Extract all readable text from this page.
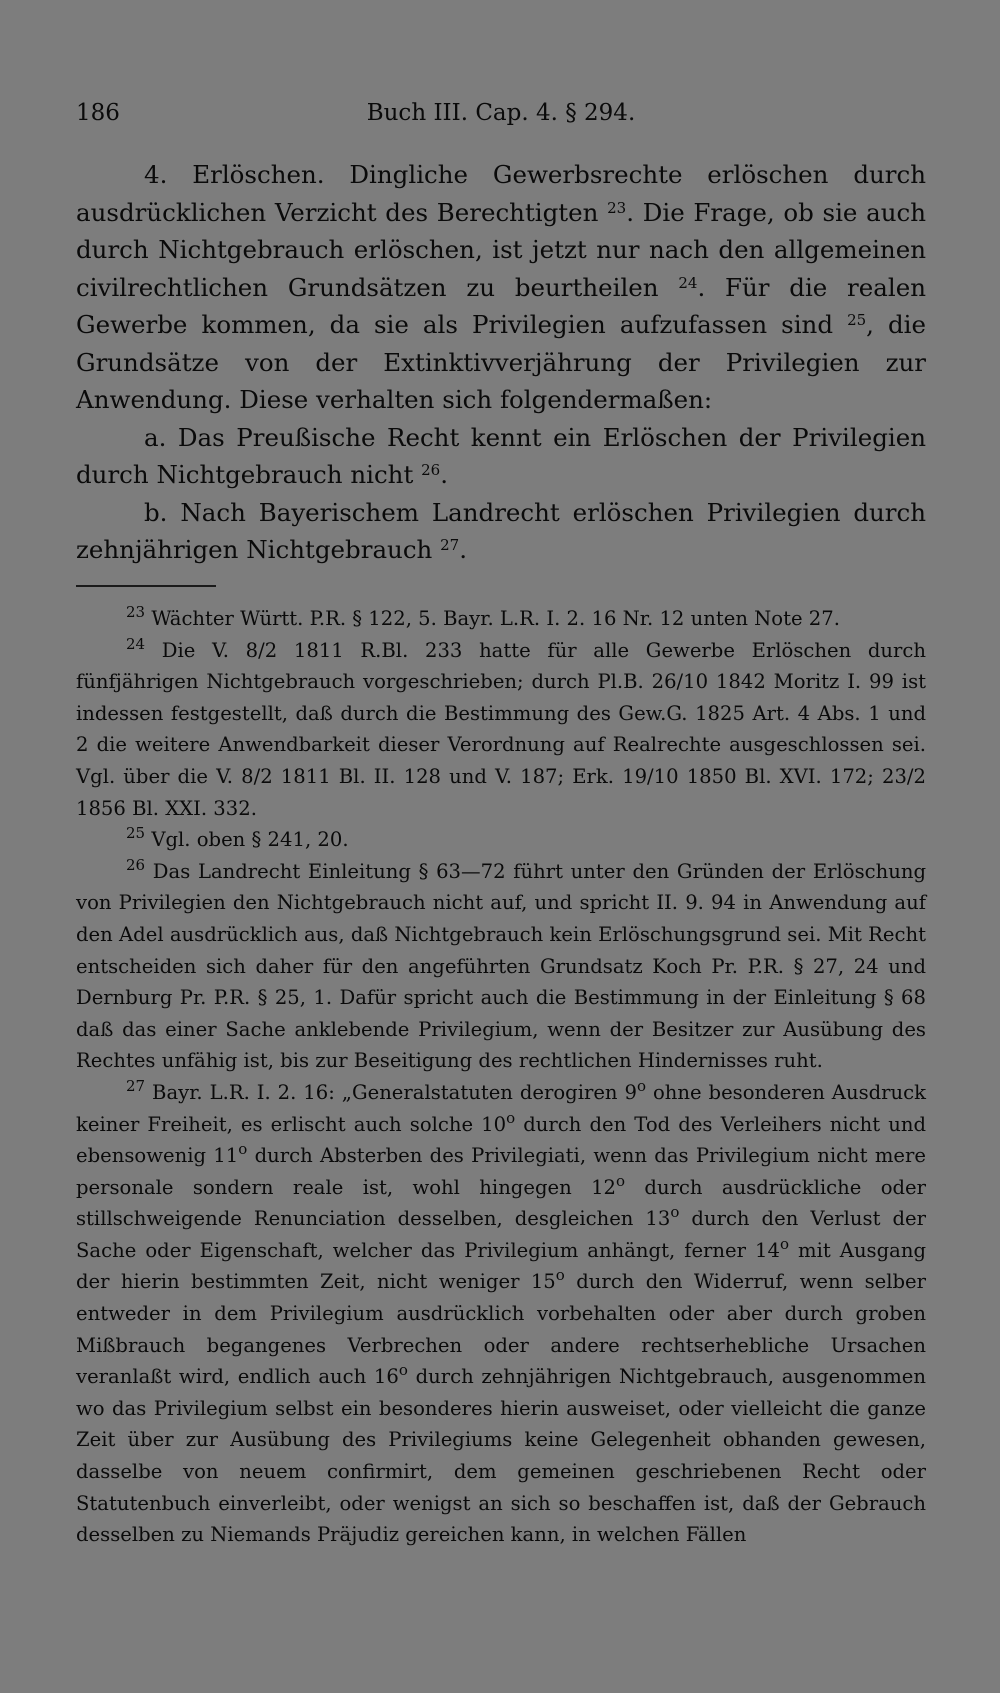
186	Buch III. Cap. 4. § 294.

4. Erlöschen. Dingliche Gewerbsrechte erlöschen durch ausdrücklichen Verzicht des Berechtigten $^{23}$. Die Frage, ob sie auch durch Nichtgebrauch erlöschen, ist jetzt nur nach den allgemeinen civilrechtlichen Grundsätzen zu beurtheilen $^{24}$. Für die realen Gewerbe kommen, da sie als Privilegien aufzufassen sind $^{25}$, die Grundsätze von der Extinktivverjährung der Privilegien zur Anwendung. Diese verhalten sich folgendermaßen:

a. Das Preußische Recht kennt ein Erlöschen der Privilegien durch Nichtgebrauch nicht $^{26}$.

b. Nach Bayerischem Landrecht erlöschen Privilegien durch zehnjährigen Nichtgebrauch $^{27}$.

$^{23}$ Wächter Württ. P.R. § 122, 5. Bayr. L.R. I. 2. 16 Nr. 12 unten Note 27.

$^{24}$ Die V. 8/2 1811 R.Bl. 233 hatte für alle Gewerbe Erlöschen durch fünfjährigen Nichtgebrauch vorgeschrieben; durch Pl.B. 26/10 1842 Moritz I. 99 ist indessen festgestellt, daß durch die Bestimmung des Gew.G. 1825 Art. 4 Abs. 1 und 2 die weitere Anwendbarkeit dieser Verordnung auf Realrechte ausgeschlossen sei. Vgl. über die V. 8/2 1811 Bl. II. 128 und V. 187; Erk. 19/10 1850 Bl. XVI. 172; 23/2 1856 Bl. XXI. 332.

$^{25}$ Vgl. oben § 241, 20.

$^{26}$ Das Landrecht Einleitung § 63—72 führt unter den Gründen der Erlöschung von Privilegien den Nichtgebrauch nicht auf, und spricht II. 9. 94 in Anwendung auf den Adel ausdrücklich aus, daß Nichtgebrauch kein Erlöschungsgrund sei. Mit Recht entscheiden sich daher für den angeführten Grundsatz Koch Pr. P.R. § 27, 24 und Dernburg Pr. P.R. § 25, 1. Dafür spricht auch die Bestimmung in der Einleitung § 68 daß das einer Sache anklebende Privilegium, wenn der Besitzer zur Ausübung des Rechtes unfähig ist, bis zur Beseitigung des rechtlichen Hindernisses ruht.

$^{27}$ Bayr. L.R. I. 2. 16: „Generalstatuten derogiren 9$^o$ ohne besonderen Ausdruck keiner Freiheit, es erlischt auch solche 10$^o$ durch den Tod des Verleihers nicht und ebensowenig 11$^o$ durch Absterben des Privilegiati, wenn das Privilegium nicht mere personale sondern reale ist, wohl hingegen 12$^o$ durch ausdrückliche oder stillschweigende Renunciation desselben, desgleichen 13$^o$ durch den Verlust der Sache oder Eigenschaft, welcher das Privilegium anhängt, ferner 14$^o$ mit Ausgang der hierin bestimmten Zeit, nicht weniger 15$^o$ durch den Widerruf, wenn selber entweder in dem Privilegium ausdrücklich vorbehalten oder aber durch groben Mißbrauch begangenes Verbrechen oder andere rechtserhebliche Ursachen veranlaßt wird, endlich auch 16$^o$ durch zehnjährigen Nichtgebrauch, ausgenommen wo das Privilegium selbst ein besonderes hierin ausweiset, oder vielleicht die ganze Zeit über zur Ausübung des Privilegiums keine Gelegenheit obhanden gewesen, dasselbe von neuem confirmirt, dem gemeinen geschriebenen Recht oder Statutenbuch einverleibt, oder wenigst an sich so beschaffen ist, daß der Gebrauch desselben zu Niemands Präjudiz gereichen kann, in welchen Fällen
